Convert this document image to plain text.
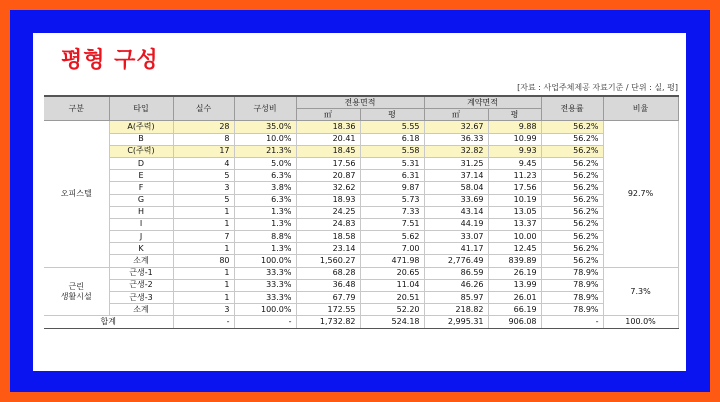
평형 구성
[자료 : 사업주체제공 자료기준 / 단위 : 실, 평]
구분	타입	실수	구성비	전용면적		계약면적		전용률	비율
				㎡	평	㎡	평		

오피스텔	A(주력)	28	35.0%	18.36	5.55	32.67	9.88	56.2%	92.7%
	B	8	10.0%	20.41	6.18	36.33	10.99	56.2%	
	C(주력)	17	21.3%	18.45	5.58	32.82	9.93	56.2%	
	D	4	5.0%	17.56	5.31	31.25	9.45	56.2%	
	E	5	6.3%	20.87	6.31	37.14	11.23	56.2%	
	F	3	3.8%	32.62	9.87	58.04	17.56	56.2%	
	G	5	6.3%	18.93	5.73	33.69	10.19	56.2%	
	H	1	1.3%	24.25	7.33	43.14	13.05	56.2%	
	I	1	1.3%	24.83	7.51	44.19	13.37	56.2%	
	J	7	8.8%	18.58	5.62	33.07	10.00	56.2%	
	K	1	1.3%	23.14	7.00	41.17	12.45	56.2%	
	소계	80	100.0%	1,560.27	471.98	2,776.49	839.89	56.2%	

근린
생활시설	근생-1	1	33.3%	68.28	20.65	86.59	26.19	78.9%	7.3%
	근생-2	1	33.3%	36.48	11.04	46.26	13.99	78.9%	
	근생-3	1	33.3%	67.79	20.51	85.97	26.01	78.9%	
	소계	3	100.0%	172.55	52.20	218.82	66.19	78.9%	
합계		-	-	1,732.82	524.18	2,995.31	906.08	-	100.0%
